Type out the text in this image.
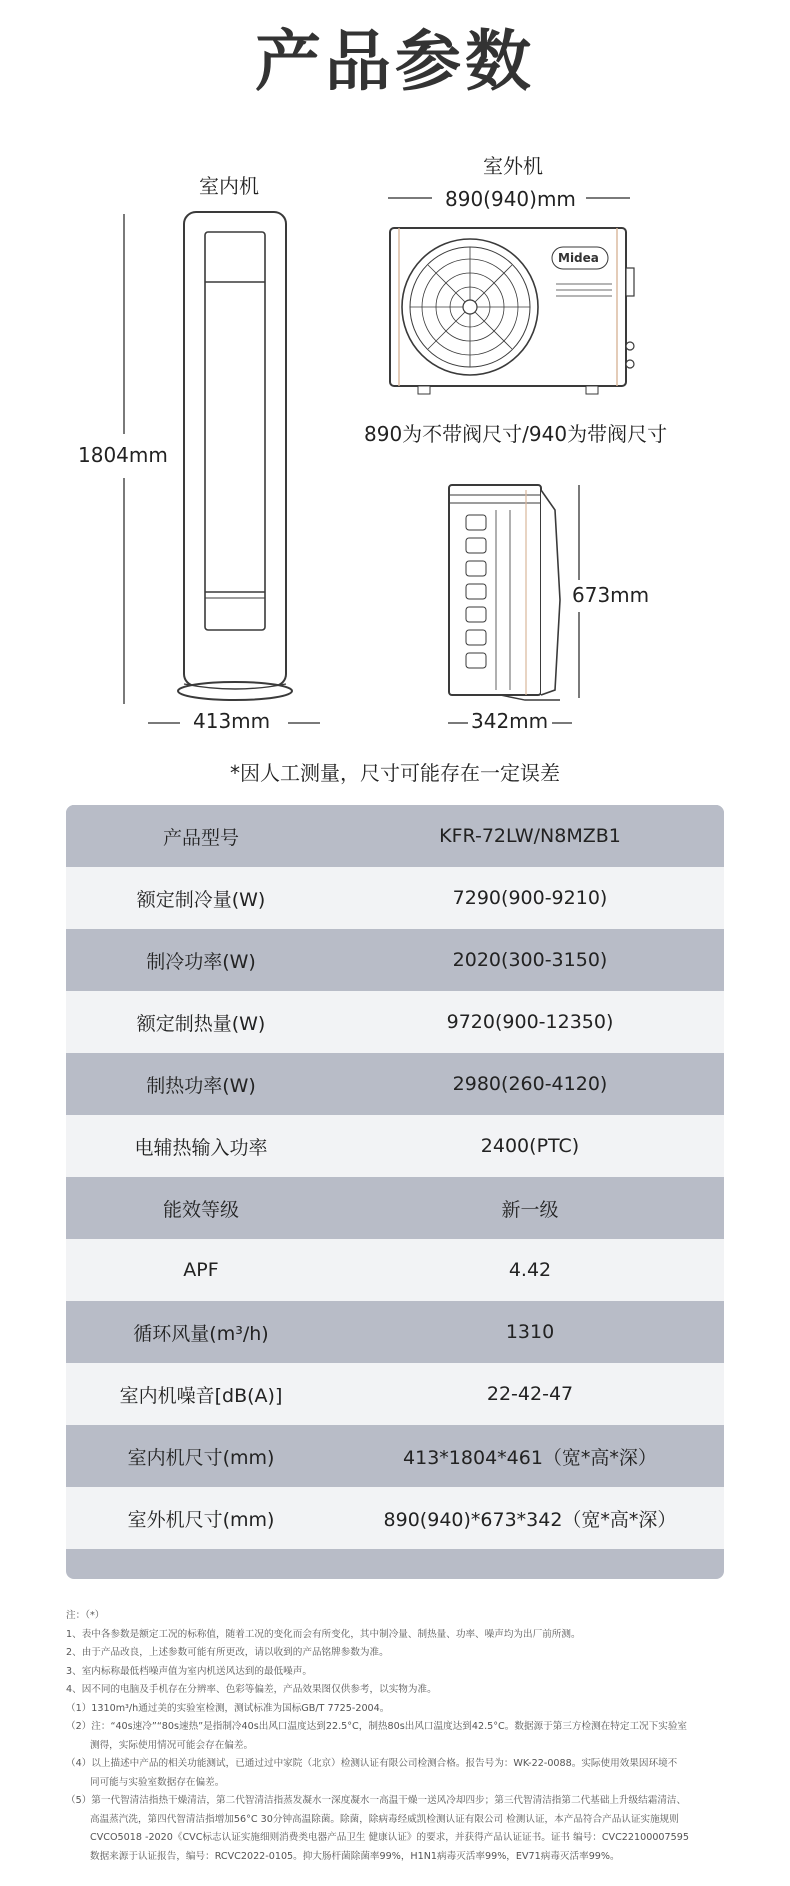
产品参数
室内机
1804mm
413mm
室外机
890(940)mm
Midea
890为不带阀尺寸/940为带阀尺寸
673mm
342mm
*因人工测量，尺寸可能存在一定误差
产品型号	KFR-72LW/N8MZB1
额定制冷量(W)	7290(900-9210)
制冷功率(W)	2020(300-3150)
额定制热量(W)	9720(900-12350)
制热功率(W)	2980(260-4120)
电辅热输入功率	2400(PTC)
能效等级	新一级
APF	4.42
循环风量(m³/h)	1310
室内机噪音[dB(A)]	22-42-47
室内机尺寸(mm)	413*1804*461（宽*高*深）
室外机尺寸(mm)	890(940)*673*342（宽*高*深）
注：（*）
1、表中各参数是额定工况的标称值，随着工况的变化而会有所变化，其中制冷量、制热量、功率、噪声均为出厂前所测。
2、由于产品改良，上述参数可能有所更改，请以收到的产品铭牌参数为准。
3、室内标称最低档噪声值为室内机送风达到的最低噪声。
4、因不同的电脑及手机存在分辨率、色彩等偏差，产品效果图仅供参考，以实物为准。
（1）1310m³/h通过美的实验室检测，测试标准为国标GB/T 7725-2004。
（2）注：“40s速冷”“80s速热”是指制冷40s出风口温度达到22.5°C，制热80s出风口温度达到42.5°C。数据源于第三方检测在特定工况下实验室
测得，实际使用情况可能会存在偏差。
（4）以上描述中产品的相关功能测试，已通过过中家院（北京）检测认证有限公司检测合格。报告号为：WK-22-0088。实际使用效果因环境不
同可能与实验室数据存在偏差。
（5）第一代智清洁指热干燥清洁，第二代智清洁指蒸发凝水一深度凝水一高温干燥一送风冷却四步；第三代智清洁指第二代基础上升级结霜清洁、
高温蒸汽洗，第四代智清洁指增加56°C 30分钟高温除菌。除菌，除病毒经威凯检测认证有限公司 检测认证，本产品符合产品认证实施规则
CVCO5018 -2020《CVC标志认证实施细则消费类电器产品卫生 健康认证》的要求，并获得产品认证证书。证书 编号：CVC22100007595
数据来源于认证报告，编号：RCVC2022-0105。抑大肠杆菌除菌率99%，H1N1病毒灭活率99%，EV71病毒灭活率99%。
